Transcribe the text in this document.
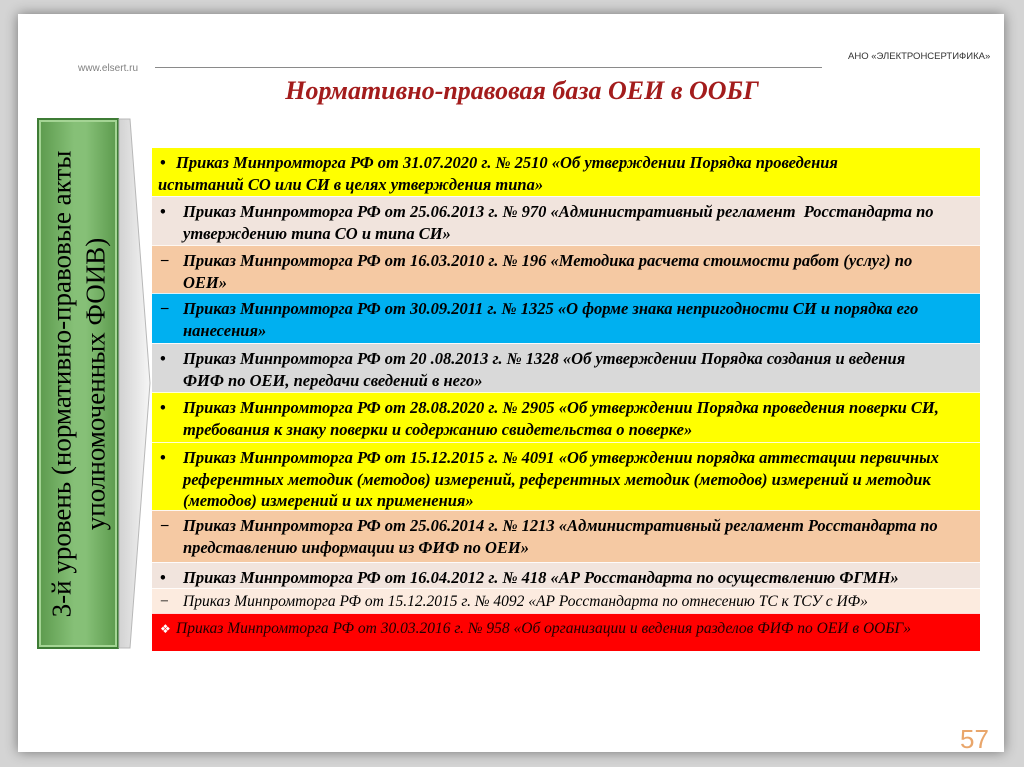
АНО «ЭЛЕКТРОНСЕРТИФИКА»
www.elsert.ru
Нормативно-правовая база ОЕИ в ООБГ
3-й уровень (нормативно-правовые акты уполномоченных ФОИВ)
• Приказ Минпромторга РФ от 31.07.2020 г. № 2510 «Об утверждении Порядка проведения
испытаний СО или СИ в целях утверждения типа»
• Приказ Минпромторга РФ от 25.06.2013 г. № 970 «Административный регламент  Росстандарта по
утверждению типа СО и типа СИ»
− Приказ Минпромторга РФ от 16.03.2010 г. № 196 «Методика расчета стоимости работ (услуг) по
ОЕИ»
− Приказ Минпромторга РФ от 30.09.2011 г. № 1325 «О форме знака непригодности СИ и порядка его
нанесения»
• Приказ Минпромторга РФ от 20 .08.2013 г. № 1328 «Об утверждении Порядка создания и ведения
ФИФ по ОЕИ, передачи сведений в него»
• Приказ Минпромторга РФ от 28.08.2020 г. № 2905 «Об утверждении Порядка проведения поверки СИ,
требования к знаку поверки и содержанию свидетельства о поверке»
• Приказ Минпромторга РФ от 15.12.2015 г. № 4091 «Об утверждении порядка аттестации первичных
референтных методик (методов) измерений, референтных методик (методов) измерений и методик
(методов) измерений и их применения»
− Приказ Минпромторга РФ от 25.06.2014 г. № 1213 «Административный регламент Росстандарта по
представлению информации из ФИФ по ОЕИ»
• Приказ Минпромторга РФ от 16.04.2012 г. № 418 «АР Росстандарта по осуществлению ФГМН»
− Приказ Минпромторга РФ от 15.12.2015 г. № 4092 «АР Росстандарта по отнесению ТС к ТСУ с ИФ»
❖ Приказ Минпромторга РФ от 30.03.2016 г. № 958 «Об организации и ведения разделов ФИФ по ОЕИ в ООБГ»
57
